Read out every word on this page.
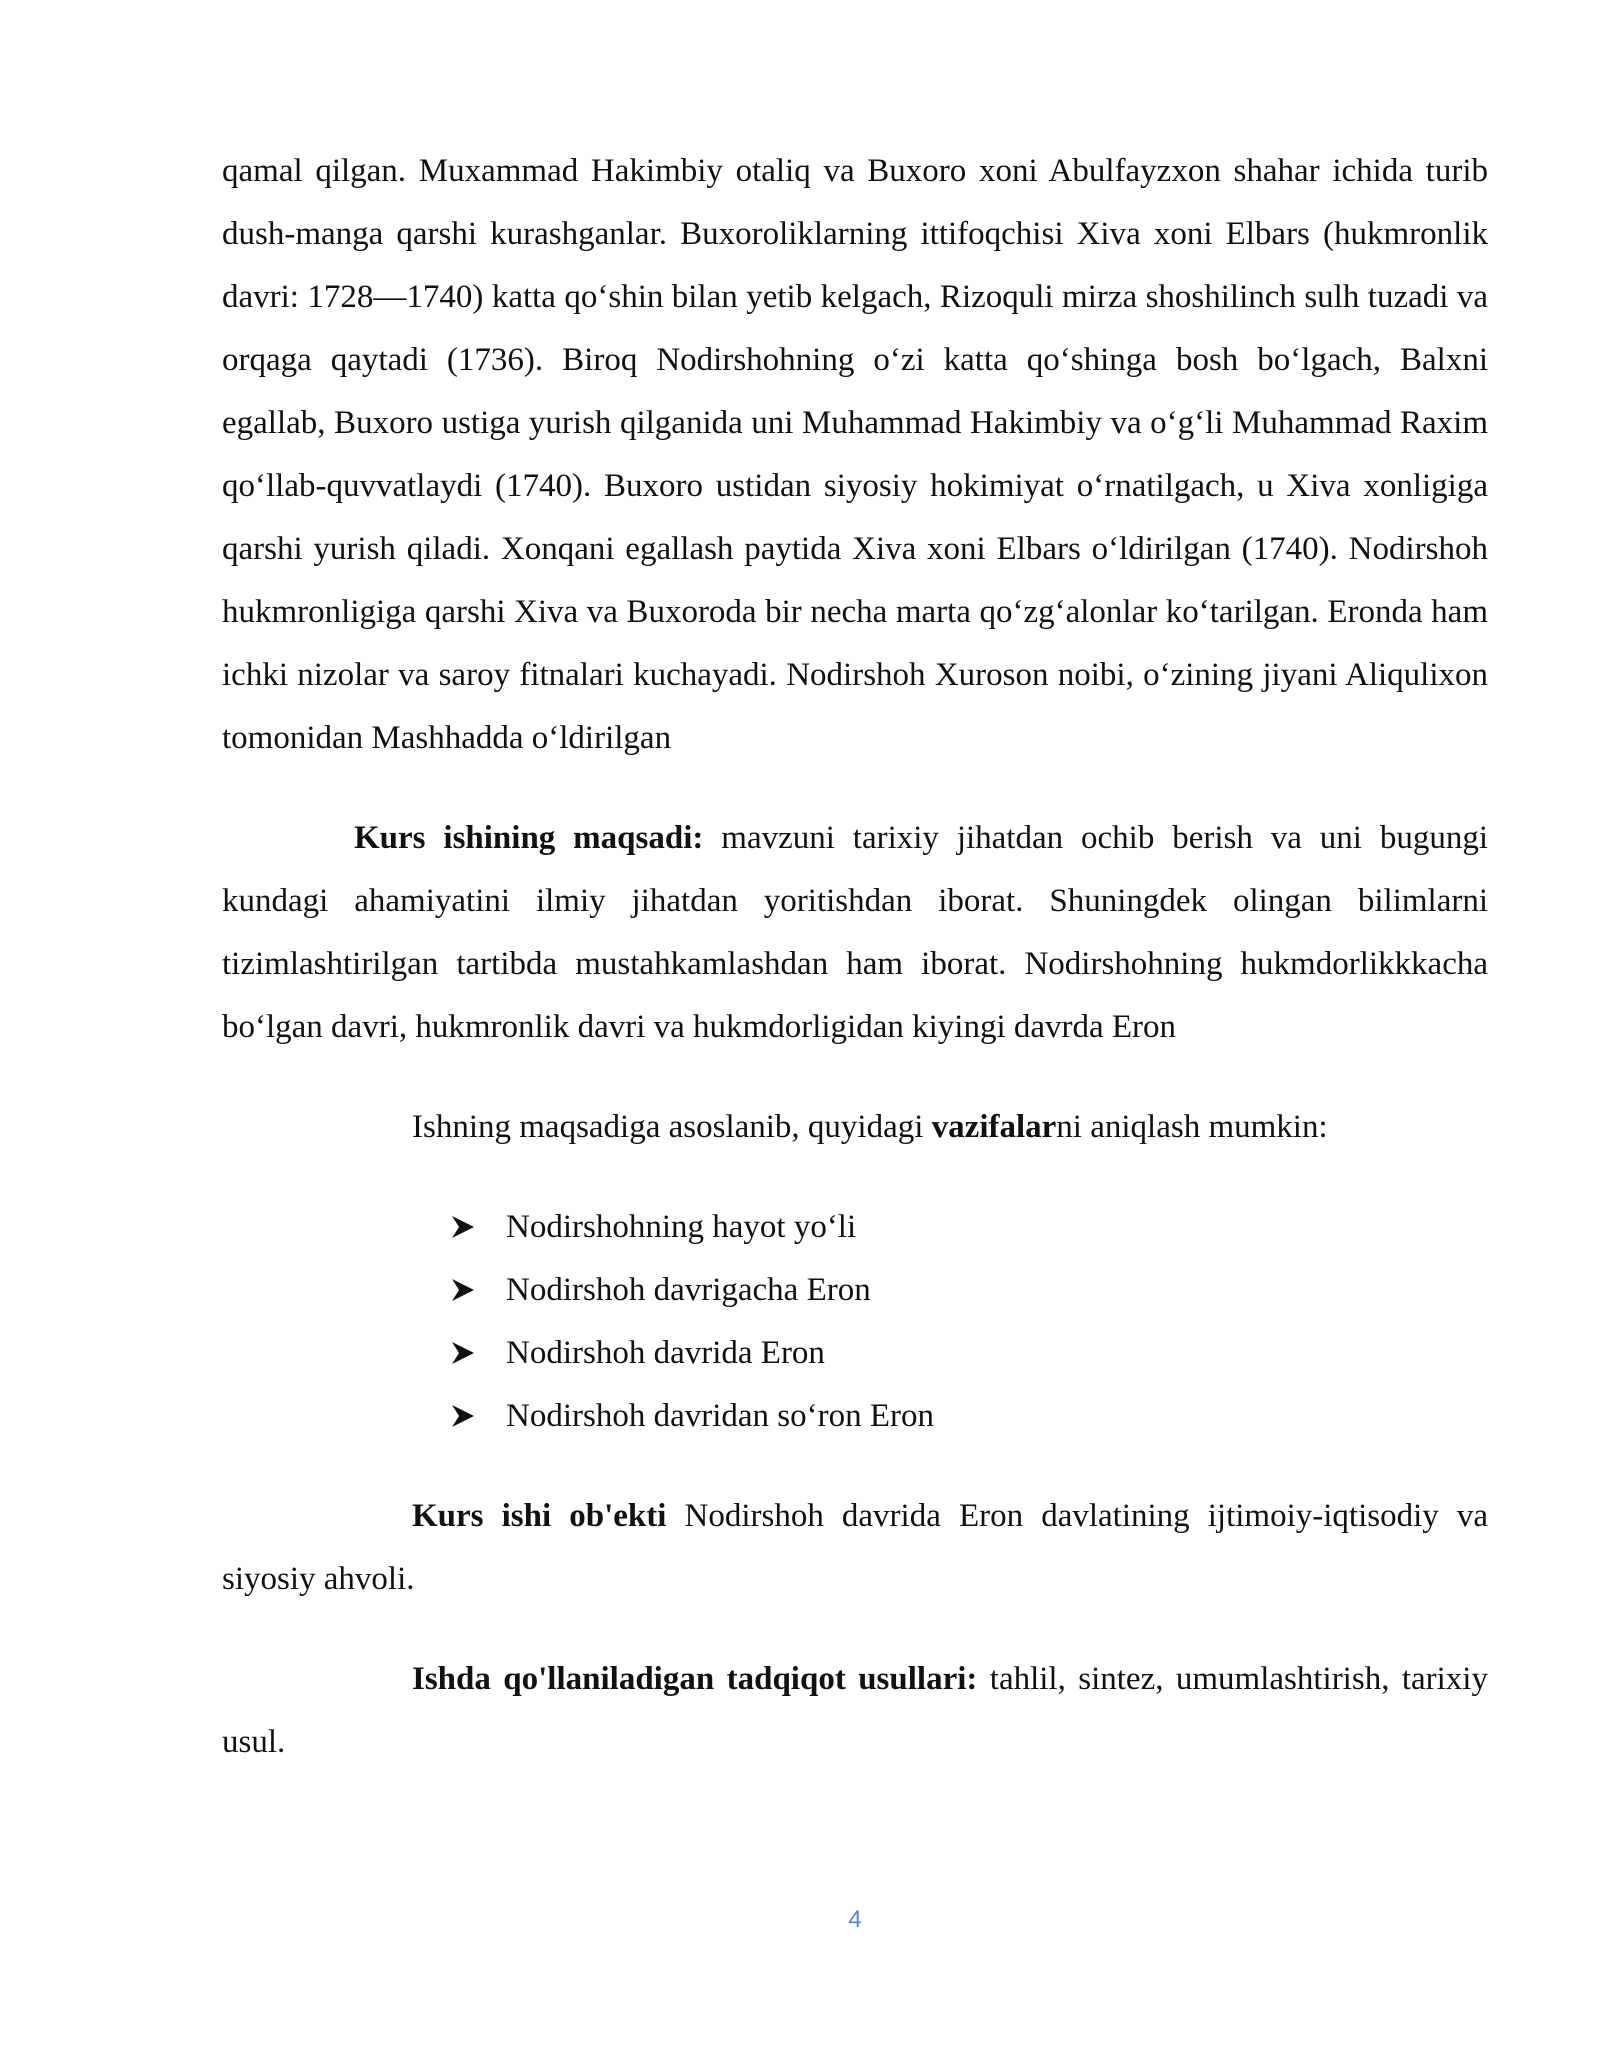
qamal qilgan. Muxammad Hakimbiy otaliq va Buxoro xoni Abulfayzxon shahar ichida turib dush-manga qarshi kurashganlar. Buxoroliklarning ittifoqchisi Xiva xoni Elbars (hukmronlik davri: 1728—1740) katta qo‘shin bilan yetib kelgach, Rizoquli mirza shoshilinch sulh tuzadi va orqaga qaytadi (1736). Biroq Nodirshohning o‘zi katta qo‘shinga bosh bo‘lgach, Balxni egallab, Buxoro ustiga yurish qilganida uni Muhammad Hakimbiy va o‘g‘li Muhammad Raxim qo‘llab-quvvatlaydi (1740). Buxoro ustidan siyosiy hokimiyat o‘rnatilgach, u Xiva xonligiga qarshi yurish qiladi. Xonqani egallash paytida Xiva xoni Elbars o‘ldirilgan (1740). Nodirshoh hukmronligiga qarshi Xiva va Buxoroda bir necha marta qo‘zg‘alonlar ko‘tarilgan. Eronda ham ichki nizolar va saroy fitnalari kuchayadi. Nodirshoh Xuroson noibi, o‘zining jiyani Aliqulixon tomonidan Mashhadda o‘ldirilgan

Kurs ishining maqsadi: mavzuni tarixiy jihatdan ochib berish va uni bugungi kundagi ahamiyatini ilmiy jihatdan yoritishdan iborat. Shuningdek olingan bilimlarni tizimlashtirilgan tartibda mustahkamlashdan ham iborat. Nodirshohning hukmdorlikkkacha bo‘lgan davri, hukmronlik davri va hukmdorligidan kiyingi davrda Eron

Ishning maqsadiga asoslanib, quyidagi vazifalarni aniqlash mumkin:

Nodirshohning hayot yo‘li
Nodirshoh davrigacha Eron
Nodirshoh davrida Eron
Nodirshoh davridan so‘ron Eron

Kurs ishi ob'ekti Nodirshoh davrida Eron davlatining ijtimoiy-iqtisodiy va siyosiy ahvoli.

Ishda qo'llaniladigan tadqiqot usullari: tahlil, sintez, umumlashtirish, tarixiy usul.

4
